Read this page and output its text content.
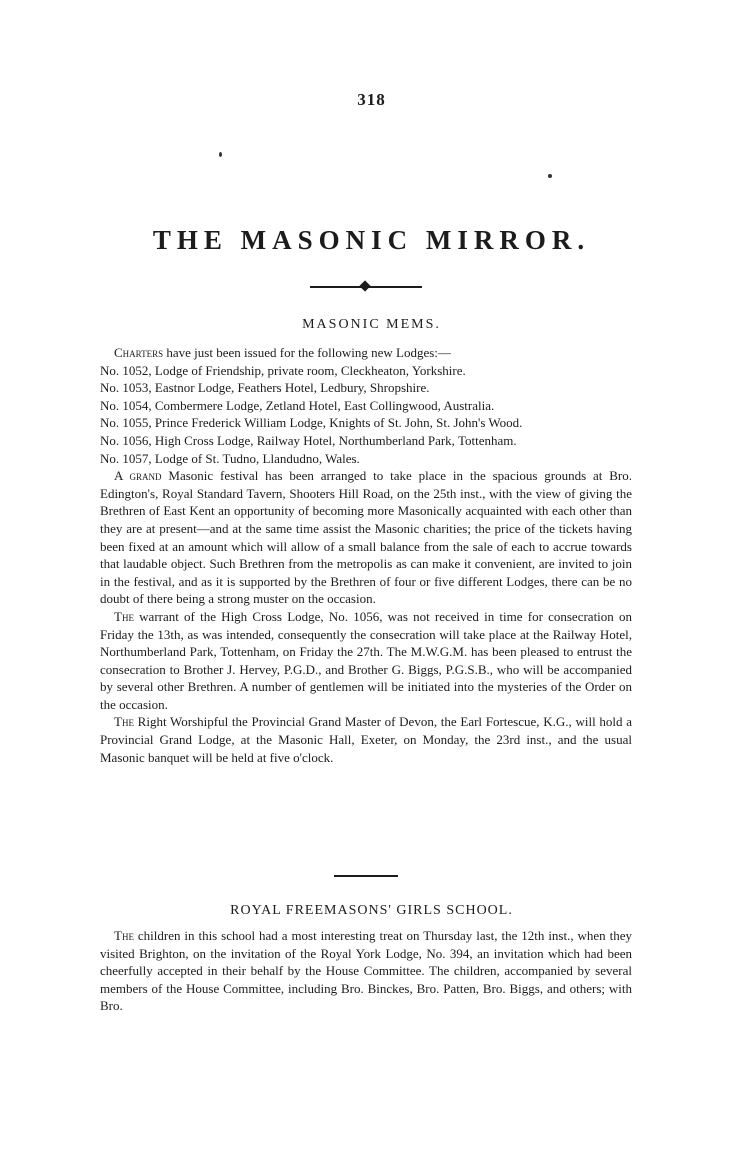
318
THE MASONIC MIRROR.
MASONIC MEMS.

Charters have just been issued for the following new Lodges:—

No. 1052, Lodge of Friendship, private room, Cleckheaton, Yorkshire.

No. 1053, Eastnor Lodge, Feathers Hotel, Ledbury, Shropshire.

No. 1054, Combermere Lodge, Zetland Hotel, East Collingwood, Australia.

No. 1055, Prince Frederick William Lodge, Knights of St. John, St. John's Wood.

No. 1056, High Cross Lodge, Railway Hotel, Northumberland Park, Tottenham.

No. 1057, Lodge of St. Tudno, Llandudno, Wales.

A grand Masonic festival has been arranged to take place in the spacious grounds at Bro. Edington's, Royal Standard Tavern, Shooters Hill Road, on the 25th inst., with the view of giving the Brethren of East Kent an opportunity of becoming more Masonically acquainted with each other than they are at present—and at the same time assist the Masonic charities; the price of the tickets having been fixed at an amount which will allow of a small balance from the sale of each to accrue towards that laudable object. Such Brethren from the metropolis as can make it convenient, are invited to join in the festival, and as it is supported by the Brethren of four or five different Lodges, there can be no doubt of there being a strong muster on the occasion.

The warrant of the High Cross Lodge, No. 1056, was not received in time for consecration on Friday the 13th, as was intended, consequently the consecration will take place at the Railway Hotel, Northumberland Park, Tottenham, on Friday the 27th. The M.W.G.M. has been pleased to entrust the consecration to Brother J. Hervey, P.G.D., and Brother G. Biggs, P.G.S.B., who will be accompanied by several other Brethren. A number of gentlemen will be initiated into the mysteries of the Order on the occasion.

The Right Worshipful the Provincial Grand Master of Devon, the Earl Fortescue, K.G., will hold a Provincial Grand Lodge, at the Masonic Hall, Exeter, on Monday, the 23rd inst., and the usual Masonic banquet will be held at five o'clock.

ROYAL FREEMASONS' GIRLS SCHOOL.

The children in this school had a most interesting treat on Thursday last, the 12th inst., when they visited Brighton, on the invitation of the Royal York Lodge, No. 394, an invitation which had been cheerfully accepted in their behalf by the House Committee. The children, accompanied by several members of the House Committee, including Bro. Binckes, Bro. Patten, Bro. Biggs, and others; with Bro.
